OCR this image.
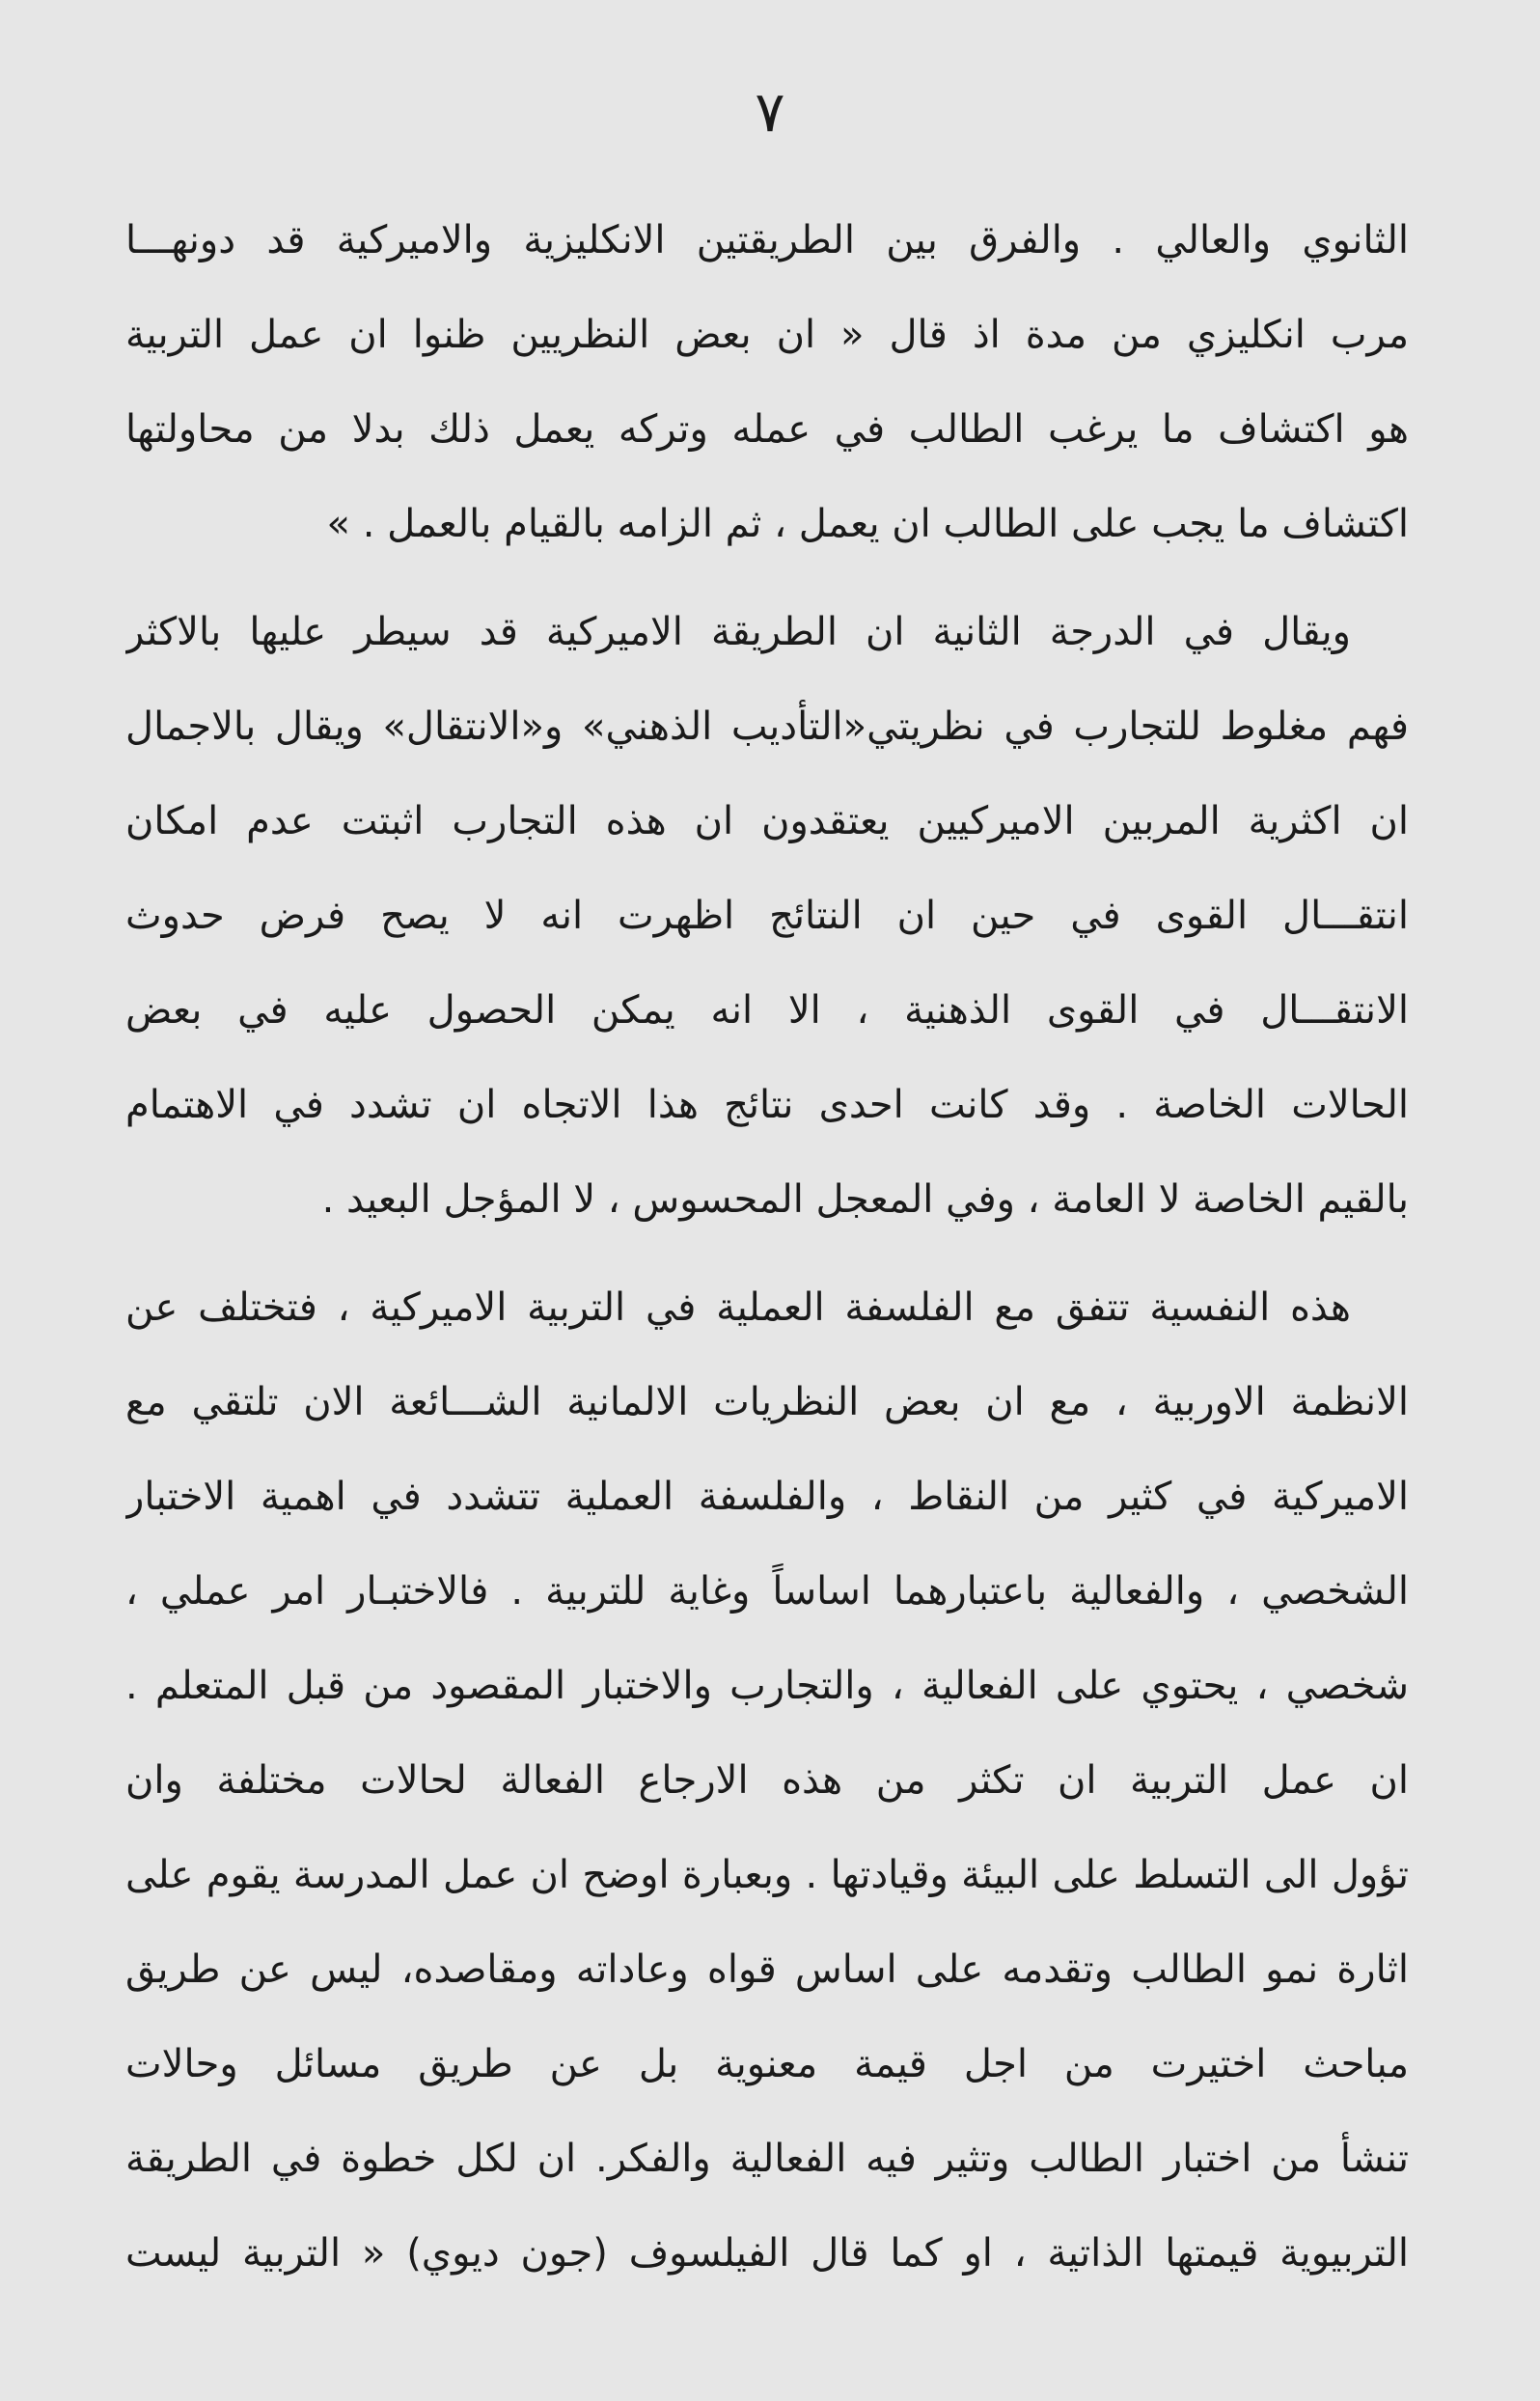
٧
الثانوي والعالي . والفرق بين الطريقتين الانكليزية والاميركية قد دونهـــا
مرب انكليزي من مدة اذ قال « ان بعض النظريين ظنوا ان عمل التربية
هو اكتشاف ما يرغب الطالب في عمله وتركه يعمل ذلك بدلا من محاولتها
اكتشاف ما يجب على الطالب ان يعمل ، ثم الزامه بالقيام بالعمل . »
ويقال في الدرجة الثانية ان الطريقة الاميركية قد سيطر عليها بالاكثر
فهم مغلوط للتجارب في نظريتي«التأديب الذهني» و«الانتقال» ويقال بالاجمال
ان اكثرية المربين الاميركيين يعتقدون ان هذه التجارب اثبتت عدم امكان
انتقـــال القوى في حين ان النتائج اظهرت انه لا يصح فرض حدوث
الانتقـــال في القوى الذهنية ، الا انه يمكن الحصول عليه في بعض
الحالات الخاصة . وقد كانت احدى نتائج هذا الاتجاه ان تشدد في الاهتمام
بالقيم الخاصة لا العامة ، وفي المعجل المحسوس ، لا المؤجل البعيد .
هذه النفسية تتفق مع الفلسفة العملية في التربية الاميركية ، فتختلف عن
الانظمة الاوربية ، مع ان بعض النظريات الالمانية الشـــائعة الان تلتقي مع
الاميركية في كثير من النقاط ، والفلسفة العملية تتشدد في اهمية الاختبار
الشخصي ، والفعالية باعتبارهما اساساً وغاية للتربية . فالاختبـار امر عملي ،
شخصي ، يحتوي على الفعالية ، والتجارب والاختبار المقصود من قبل المتعلم .
ان عمل التربية ان تكثر من هذه الارجاع الفعالة لحالات مختلفة وان
تؤول الى التسلط على البيئة وقيادتها . وبعبارة اوضح ان عمل المدرسة يقوم على
اثارة نمو الطالب وتقدمه على اساس قواه وعاداته ومقاصده، ليس عن طريق
مباحث اختيرت من اجل قيمة معنوية بل عن طريق مسائل وحالات
تنشأ من اختبار الطالب وتثير فيه الفعالية والفكر. ان لكل خطوة في الطريقة
التربيوية قيمتها الذاتية ، او كما قال الفيلسوف (جون ديوي) « التربية ليست
